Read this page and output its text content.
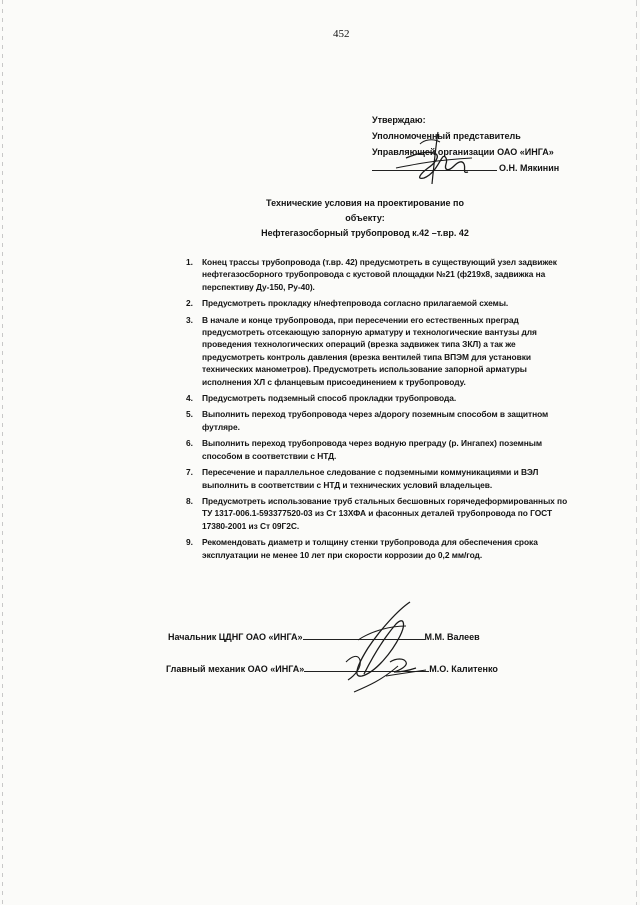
452
Утверждаю:
Уполномоченный представитель
Управляющей организации ОАО «ИНГА»
О.Н. Мякинин
Технические условия на проектирование по объекту:
Нефтегазосборный трубопровод к.42 –т.вр. 42
1. Конец трассы трубопровода (т.вр. 42) предусмотреть в существующий узел задвижек нефтегазосборного трубопровода с кустовой площадки №21 (ф219х8, задвижка на перспективу Ду-150, Ру-40).
2. Предусмотреть прокладку н/нефтепровода согласно прилагаемой схемы.
3. В начале и конце трубопровода, при пересечении его естественных преград предусмотреть отсекающую запорную арматуру и технологические вантузы для проведения технологических операций (врезка задвижек типа ЗКЛ) а так же предусмотреть контроль давления (врезка вентилей типа ВПЭМ для установки технических манометров). Предусмотреть использование запорной арматуры исполнения ХЛ с фланцевым присоединением к трубопроводу.
4. Предусмотреть подземный способ прокладки трубопровода.
5. Выполнить переход трубопровода через а/дорогу поземным способом в защитном футляре.
6. Выполнить переход трубопровода через водную преграду (р. Ингапех) поземным способом в соответствии с НТД.
7. Пересечение и параллельное следование с подземными коммуникациями и ВЭЛ выполнить в соответствии с НТД и технических условий владельцев.
8. Предусмотреть использование труб стальных бесшовных горячедеформированных по ТУ 1317-006.1-593377520-03 из Ст 13ХФА и фасонных деталей трубопровода по ГОСТ 17380-2001 из Ст 09Г2С.
9. Рекомендовать диаметр и толщину стенки трубопровода для обеспечения срока эксплуатации не менее 10 лет при скорости коррозии до 0,2 мм/год.
Начальник ЦДНГ ОАО «ИНГА»	М.М. Валеев
Главный механик ОАО «ИНГА»	М.О. Калитенко
